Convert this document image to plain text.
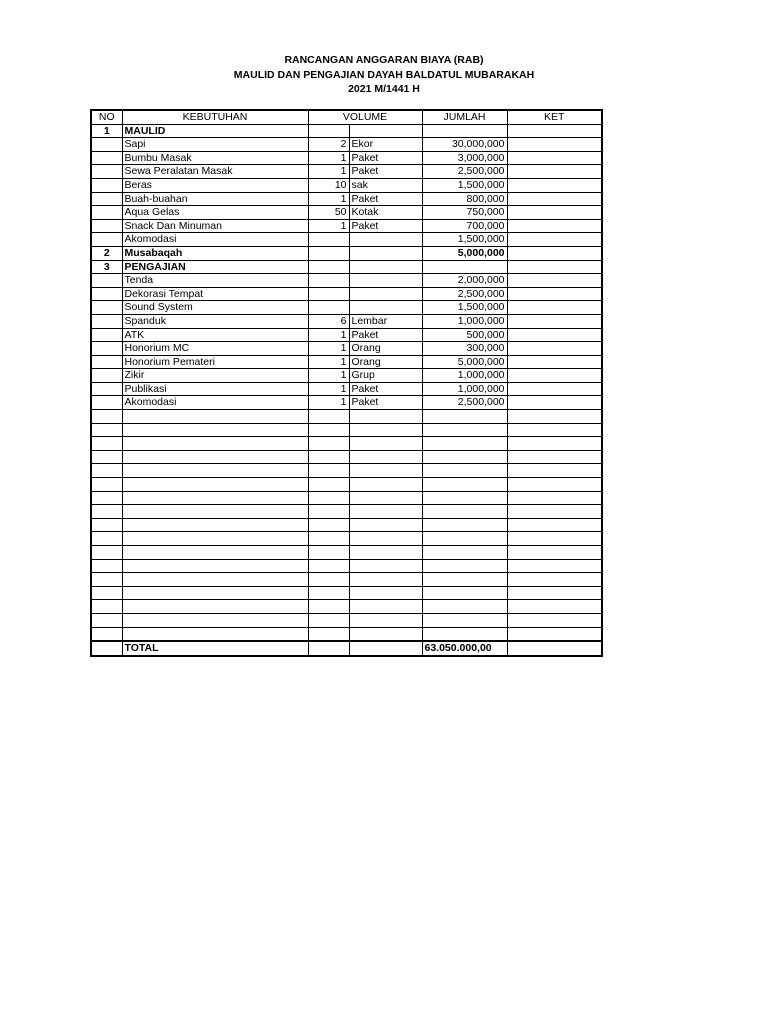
RANCANGAN ANGGARAN BIAYA (RAB)
MAULID DAN PENGAJIAN DAYAH BALDATUL MUBARAKAH
2021 M/1441 H
NO	KEBUTUHAN	VOLUME		JUMLAH	KET
1	MAULID				
	Sapi	2	Ekor	30,000,000	
	Bumbu Masak	1	Paket	3,000,000	
	Sewa Peralatan Masak	1	Paket	2,500,000	
	Beras	10	sak	1,500,000	
	Buah-buahan	1	Paket	800,000	
	Aqua Gelas	50	Kotak	750,000	
	Snack Dan Minuman	1	Paket	700,000	
	Akomodasi			1,500,000	
2	Musabaqah			5,000,000	
3	PENGAJIAN				
	Tenda			2,000,000	
	Dekorasi Tempat			2,500,000	
	Sound System			1,500,000	
	Spanduk	6	Lembar	1,000,000	
	ATK	1	Paket	500,000	
	Honorium MC	1	Orang	300,000	
	Honorium Pemateri	1	Orang	5,000,000	
	Zikir	1	Grup	1,000,000	
	Publikasi	1	Paket	1,000,000	
	Akomodasi	1	Paket	2,500,000	

	TOTAL			63.050.000,00	
